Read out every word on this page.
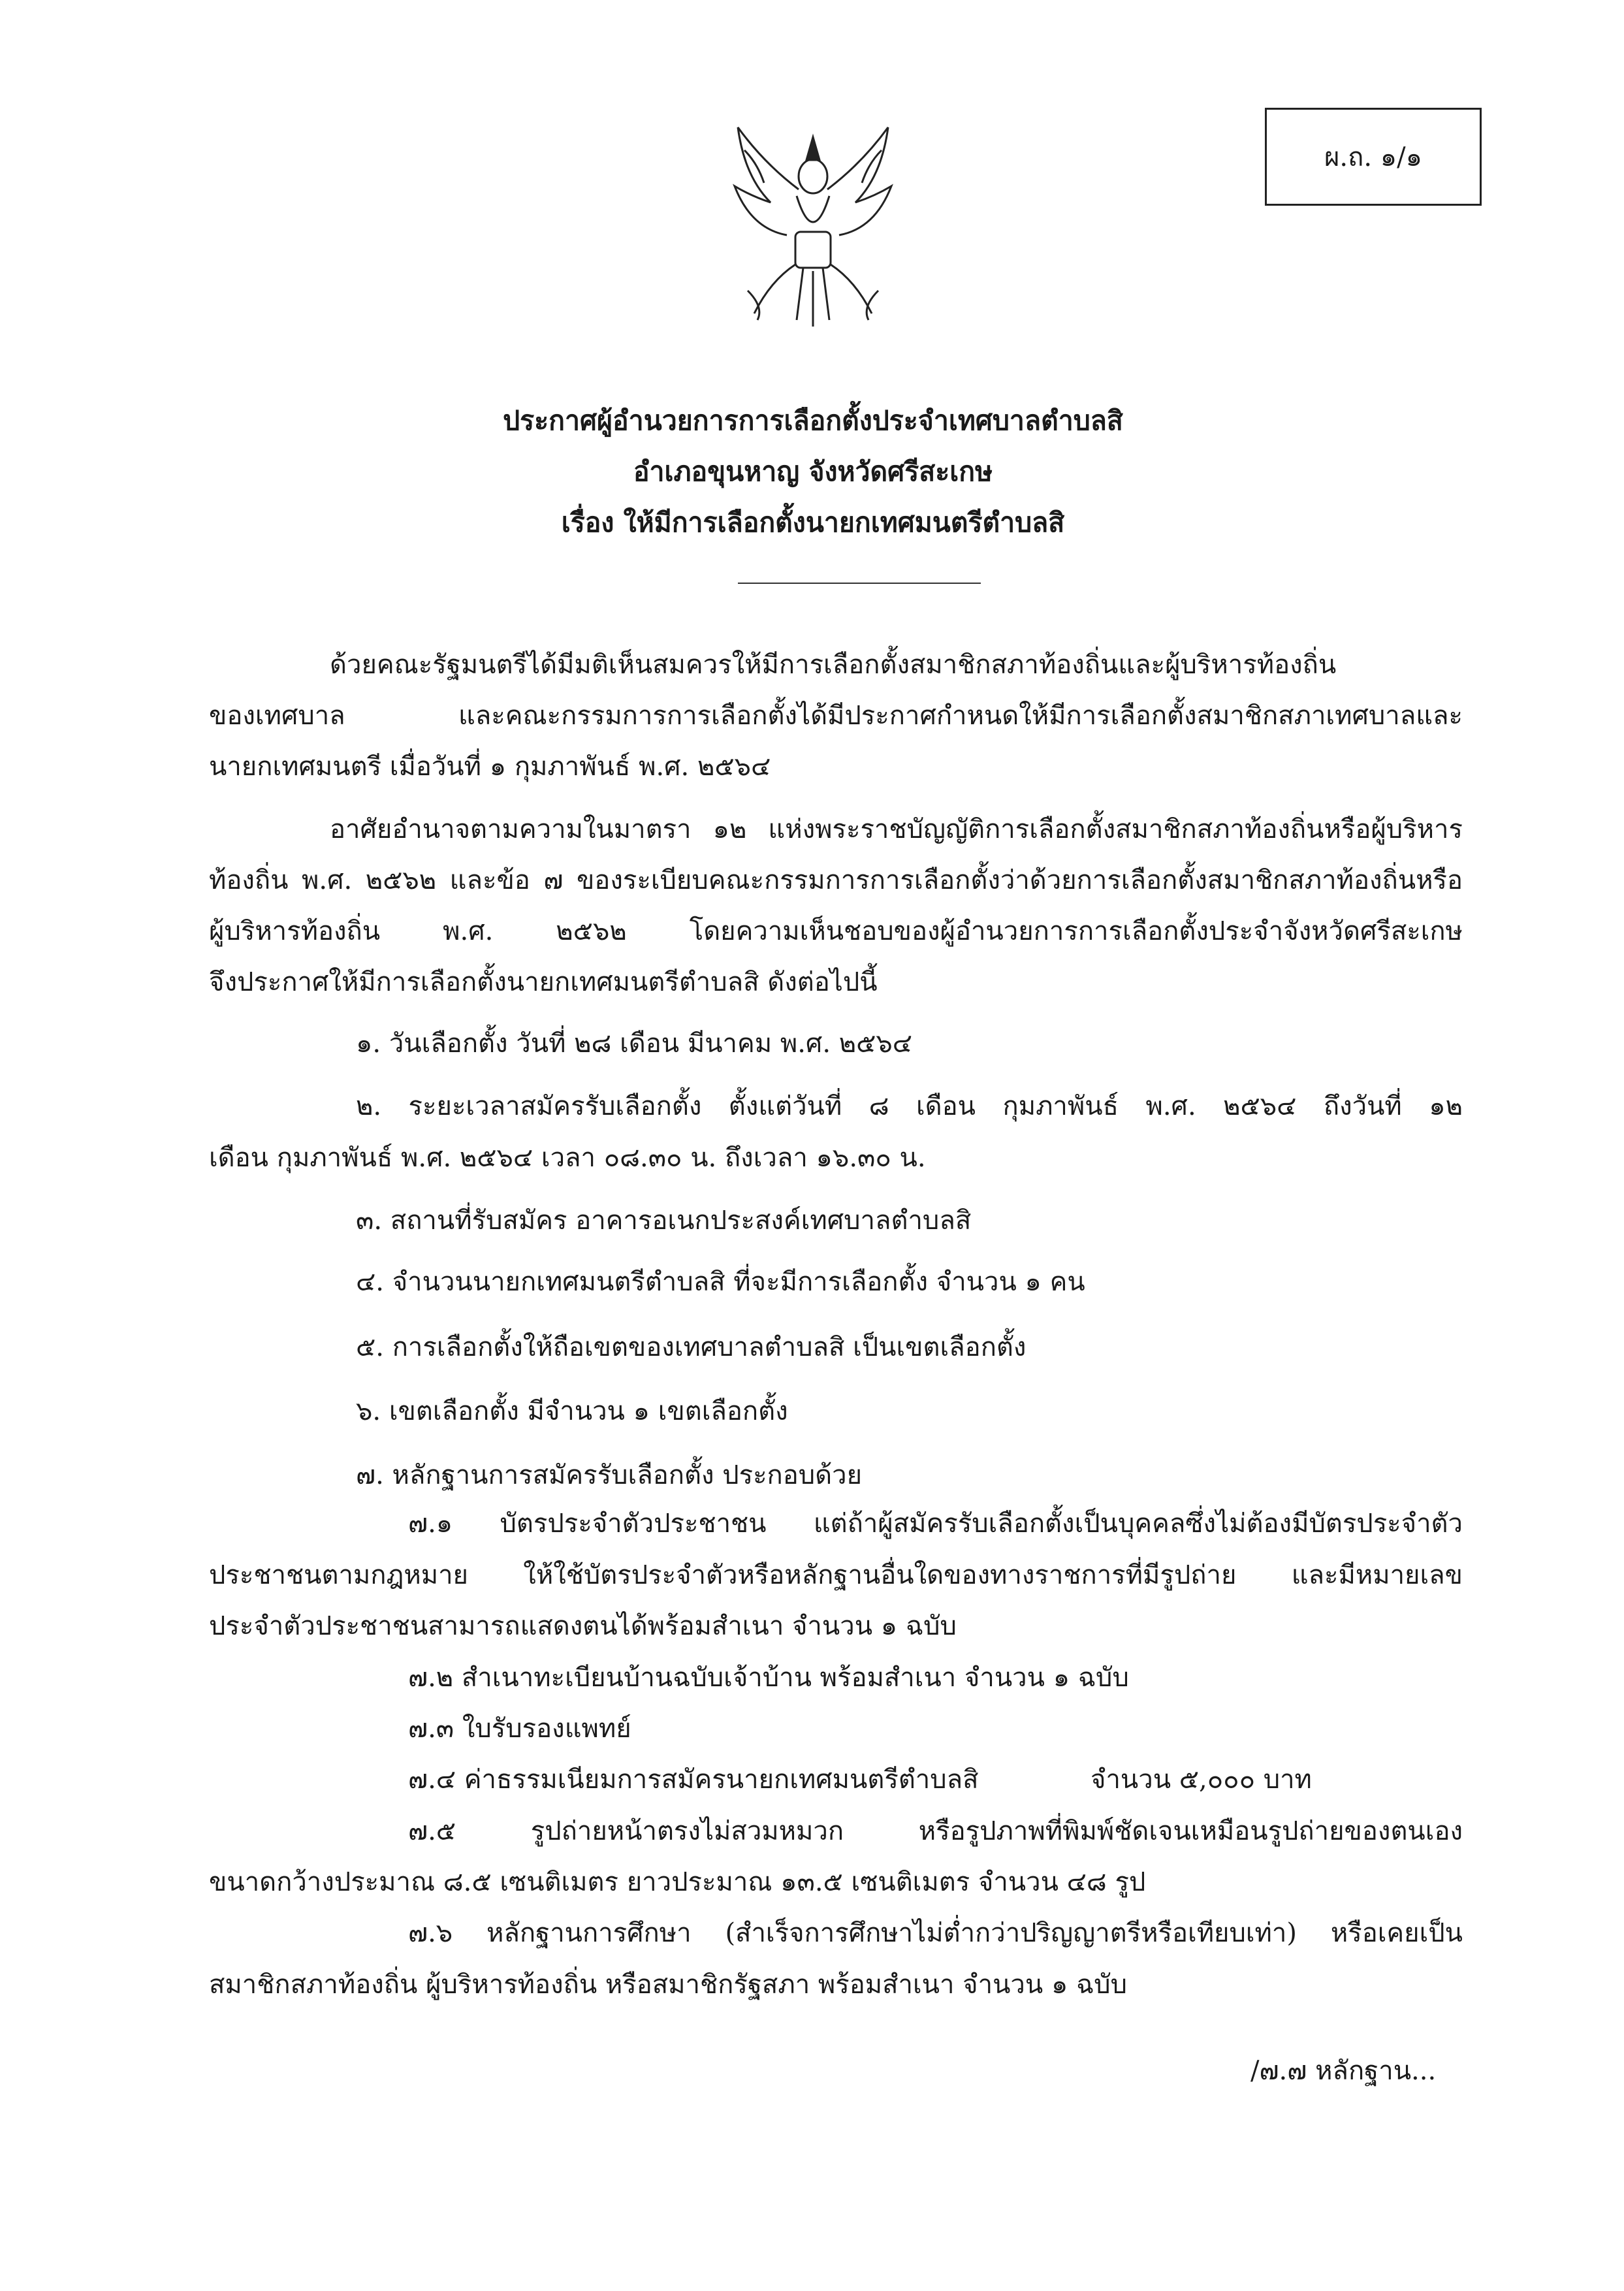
ผ.ถ. ๑/๑
ประกาศผู้อำนวยการการเลือกตั้งประจำเทศบาลตำบลสิ
อำเภอขุนหาญ จังหวัดศรีสะเกษ
เรื่อง ให้มีการเลือกตั้งนายกเทศมนตรีตำบลสิ
ด้วยคณะรัฐมนตรีได้มีมติเห็นสมควรให้มีการเลือกตั้งสมาชิกสภาท้องถิ่นและผู้บริหารท้องถิ่น
ของเทศบาล และคณะกรรมการการเลือกตั้งได้มีประกาศกำหนดให้มีการเลือกตั้งสมาชิกสภาเทศบาลและ
นายกเทศมนตรี เมื่อวันที่ ๑ กุมภาพันธ์ พ.ศ. ๒๕๖๔
อาศัยอำนาจตามความในมาตรา ๑๒ แห่งพระราชบัญญัติการเลือกตั้งสมาชิกสภาท้องถิ่นหรือผู้บริหาร
ท้องถิ่น พ.ศ. ๒๕๖๒ และข้อ ๗ ของระเบียบคณะกรรมการการเลือกตั้งว่าด้วยการเลือกตั้งสมาชิกสภาท้องถิ่นหรือ
ผู้บริหารท้องถิ่น พ.ศ. ๒๕๖๒ โดยความเห็นชอบของผู้อำนวยการการเลือกตั้งประจำจังหวัดศรีสะเกษ
จึงประกาศให้มีการเลือกตั้งนายกเทศมนตรีตำบลสิ ดังต่อไปนี้
๑. วันเลือกตั้ง วันที่ ๒๘ เดือน มีนาคม พ.ศ. ๒๕๖๔
๒. ระยะเวลาสมัครรับเลือกตั้ง ตั้งแต่วันที่ ๘ เดือน กุมภาพันธ์ พ.ศ. ๒๕๖๔ ถึงวันที่ ๑๒
เดือน กุมภาพันธ์ พ.ศ. ๒๕๖๔ เวลา ๐๘.๓๐ น. ถึงเวลา ๑๖.๓๐ น.
๓. สถานที่รับสมัคร อาคารอเนกประสงค์เทศบาลตำบลสิ
๔. จำนวนนายกเทศมนตรีตำบลสิ ที่จะมีการเลือกตั้ง จำนวน ๑ คน
๕. การเลือกตั้งให้ถือเขตของเทศบาลตำบลสิ เป็นเขตเลือกตั้ง
๖. เขตเลือกตั้ง มีจำนวน ๑ เขตเลือกตั้ง
๗. หลักฐานการสมัครรับเลือกตั้ง ประกอบด้วย
๗.๑ บัตรประจำตัวประชาชน แต่ถ้าผู้สมัครรับเลือกตั้งเป็นบุคคลซึ่งไม่ต้องมีบัตรประจำตัว
ประชาชนตามกฎหมาย ให้ใช้บัตรประจำตัวหรือหลักฐานอื่นใดของทางราชการที่มีรูปถ่าย และมีหมายเลข
ประจำตัวประชาชนสามารถแสดงตนได้พร้อมสำเนา จำนวน ๑ ฉบับ
๗.๒ สำเนาทะเบียนบ้านฉบับเจ้าบ้าน พร้อมสำเนา จำนวน ๑ ฉบับ
๗.๓ ใบรับรองแพทย์
๗.๔ ค่าธรรมเนียมการสมัครนายกเทศมนตรีตำบลสิ	จำนวน ๕,๐๐๐ บาท
๗.๕ รูปถ่ายหน้าตรงไม่สวมหมวก หรือรูปภาพที่พิมพ์ชัดเจนเหมือนรูปถ่ายของตนเอง
ขนาดกว้างประมาณ ๘.๕ เซนติเมตร ยาวประมาณ ๑๓.๕ เซนติเมตร จำนวน ๔๘ รูป
๗.๖ หลักฐานการศึกษา (สำเร็จการศึกษาไม่ต่ำกว่าปริญญาตรีหรือเทียบเท่า) หรือเคยเป็น
สมาชิกสภาท้องถิ่น ผู้บริหารท้องถิ่น หรือสมาชิกรัฐสภา พร้อมสำเนา จำนวน ๑ ฉบับ
/๗.๗ หลักฐาน...
